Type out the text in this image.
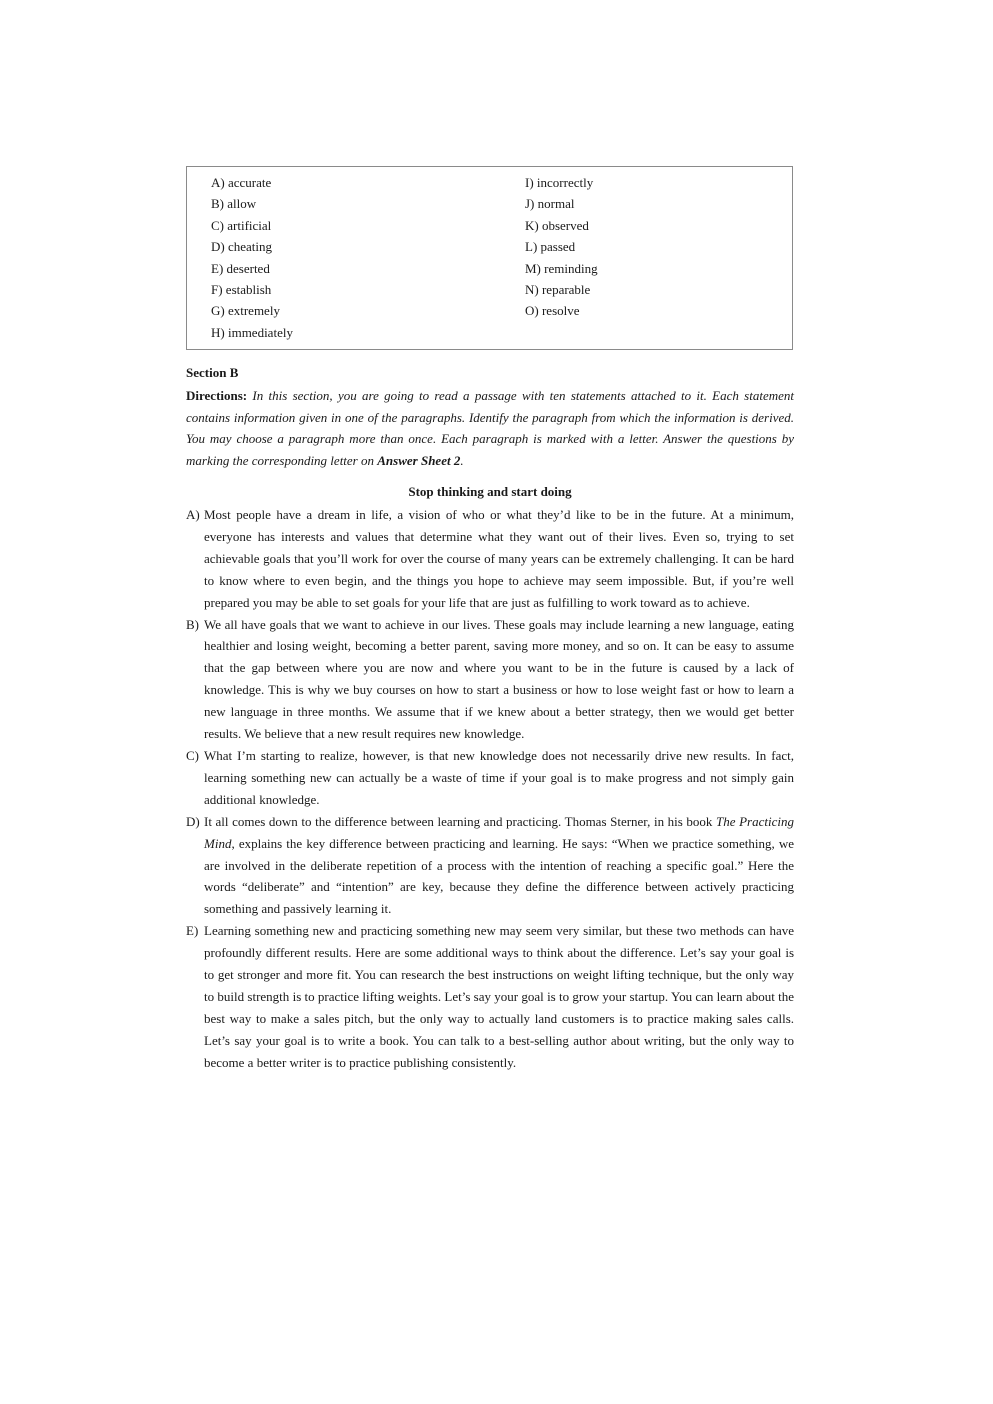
A) accurate
B) allow
C) artificial
D) cheating
E) deserted
F) establish
G) extremely
H) immediately
I) incorrectly
J) normal
K) observed
L) passed
M) reminding
N) reparable
O) resolve
Section B

Directions: In this section, you are going to read a passage with ten statements attached to it. Each statement contains information given in one of the paragraphs. Identify the paragraph from which the information is derived. You may choose a paragraph more than once. Each paragraph is marked with a letter. Answer the questions by marking the corresponding letter on Answer Sheet 2.

Stop thinking and start doing
A) Most people have a dream in life, a vision of who or what they’d like to be in the future. At a minimum, everyone has interests and values that determine what they want out of their lives. Even so, trying to set achievable goals that you’ll work for over the course of many years can be extremely challenging. It can be hard to know where to even begin, and the things you hope to achieve may seem impossible. But, if you’re well prepared you may be able to set goals for your life that are just as fulfilling to work toward as to achieve.
B) We all have goals that we want to achieve in our lives. These goals may include learning a new language, eating healthier and losing weight, becoming a better parent, saving more money, and so on. It can be easy to assume that the gap between where you are now and where you want to be in the future is caused by a lack of knowledge. This is why we buy courses on how to start a business or how to lose weight fast or how to learn a new language in three months. We assume that if we knew about a better strategy, then we would get better results. We believe that a new result requires new knowledge.
C) What I’m starting to realize, however, is that new knowledge does not necessarily drive new results. In fact, learning something new can actually be a waste of time if your goal is to make progress and not simply gain additional knowledge.
D) It all comes down to the difference between learning and practicing. Thomas Sterner, in his book The Practicing Mind, explains the key difference between practicing and learning. He says: “When we practice something, we are involved in the deliberate repetition of a process with the intention of reaching a specific goal.” Here the words “deliberate” and “intention” are key, because they define the difference between actively practicing something and passively learning it.
E) Learning something new and practicing something new may seem very similar, but these two methods can have profoundly different results. Here are some additional ways to think about the difference. Let’s say your goal is to get stronger and more fit. You can research the best instructions on weight lifting technique, but the only way to build strength is to practice lifting weights. Let’s say your goal is to grow your startup. You can learn about the best way to make a sales pitch, but the only way to actually land customers is to practice making sales calls. Let’s say your goal is to write a book. You can talk to a best-selling author about writing, but the only way to become a better writer is to practice publishing consistently.
